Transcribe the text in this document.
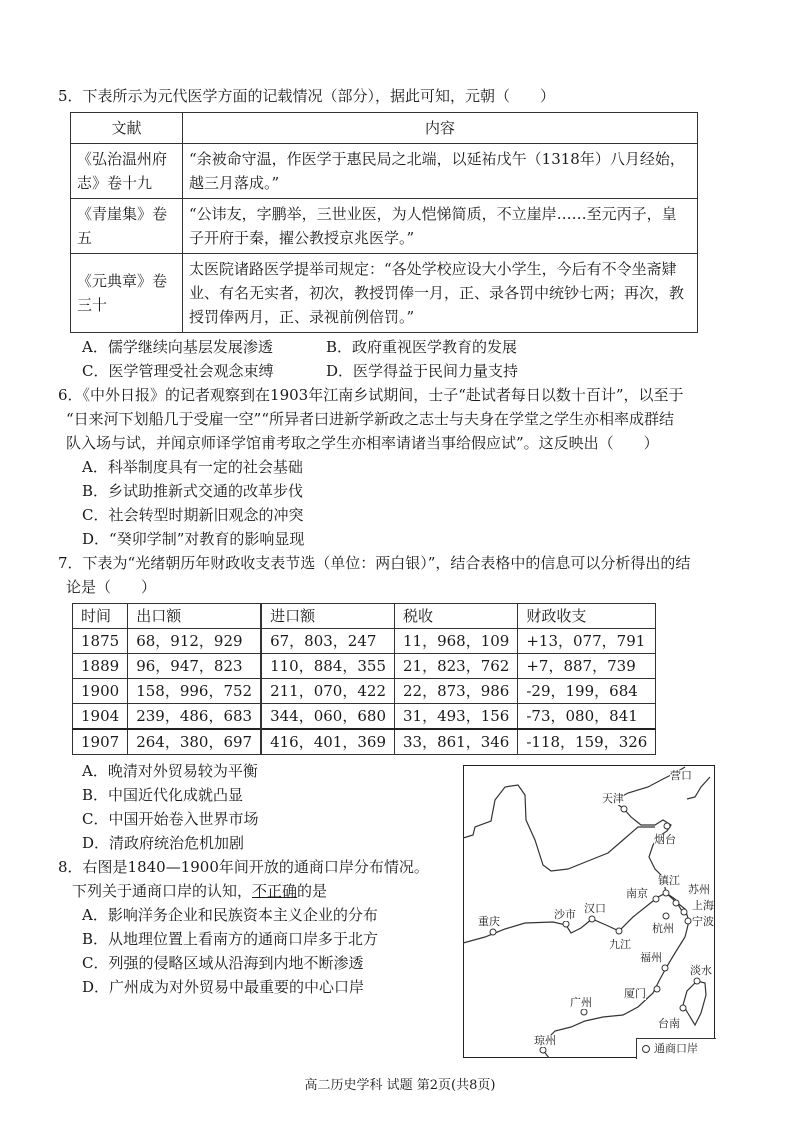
5．下表所示为元代医学方面的记载情况（部分），据此可知，元朝（　　）
文献	内容
《弘治温州府志》卷十九	“余被命守温，作医学于惠民局之北端，以延祐戊午（1318年）八月经始，越三月落成。”
《青崖集》卷五	“公讳友，字鹏举，三世业医，为人恺悌简质，不立崖岸……至元丙子，皇子开府于秦，擢公教授京兆医学。”
《元典章》卷三十	太医院诸路医学提举司规定：“各处学校应设大小学生，今后有不令坐斋肄业、有名无实者，初次，教授罚俸一月，正、录各罚中统钞七两；再次，教授罚俸两月，正、录视前例倍罚。”
A．儒学继续向基层发展渗透	B．政府重视医学教育的发展
C．医学管理受社会观念束缚	D．医学得益于民间力量支持
6．《中外日报》的记者观察到在1903年江南乡试期间，士子“赴试者每日以数十百计”，以至于
“日来河下划船几于受雇一空”“所异者曰进新学新政之志士与夫身在学堂之学生亦相率成群结
队入场与试，并闻京师译学馆甫考取之学生亦相率请诸当事给假应试”。这反映出（　　）
A．科举制度具有一定的社会基础
B．乡试助推新式交通的改革步伐
C．社会转型时期新旧观念的冲突
D．“癸卯学制”对教育的影响显现
7．下表为“光绪朝历年财政收支表节选（单位：两白银）”，结合表格中的信息可以分析得出的结
论是（　　）
时间	出口额	进口额	税收	财政收支
1875	68，912，929	67，803，247	11，968，109	+13，077，791
1889	96，947，823	110，884，355	21，823，762	+7，887，739
1900	158，996，752	211，070，422	22，873，986	-29，199，684
1904	239，486，683	344，060，680	31，493，156	-73，080，841
1907	264，380，697	416，401，369	33，861，346	-118，159，326
A．晚清对外贸易较为平衡
B．中国近代化成就凸显
C．中国开始卷入世界市场
D．清政府统治危机加剧
8．右图是1840—1900年间开放的通商口岸分布情况。
下列关于通商口岸的认知，不正确的是
A．影响洋务企业和民族资本主义企业的分布
B．从地理位置上看南方的通商口岸多于北方
C．列强的侵略区域从沿海到内地不断渗透
D．广州成为对外贸易中最重要的中心口岸
营口
天津
烟台
镇江
苏州
南京
上海
杭州
宁波
汉口
沙市
重庆
九江
福州
厦门
淡水
台南
广州
琼州
通商口岸
高二历史学科 试题 第2页(共8页)
